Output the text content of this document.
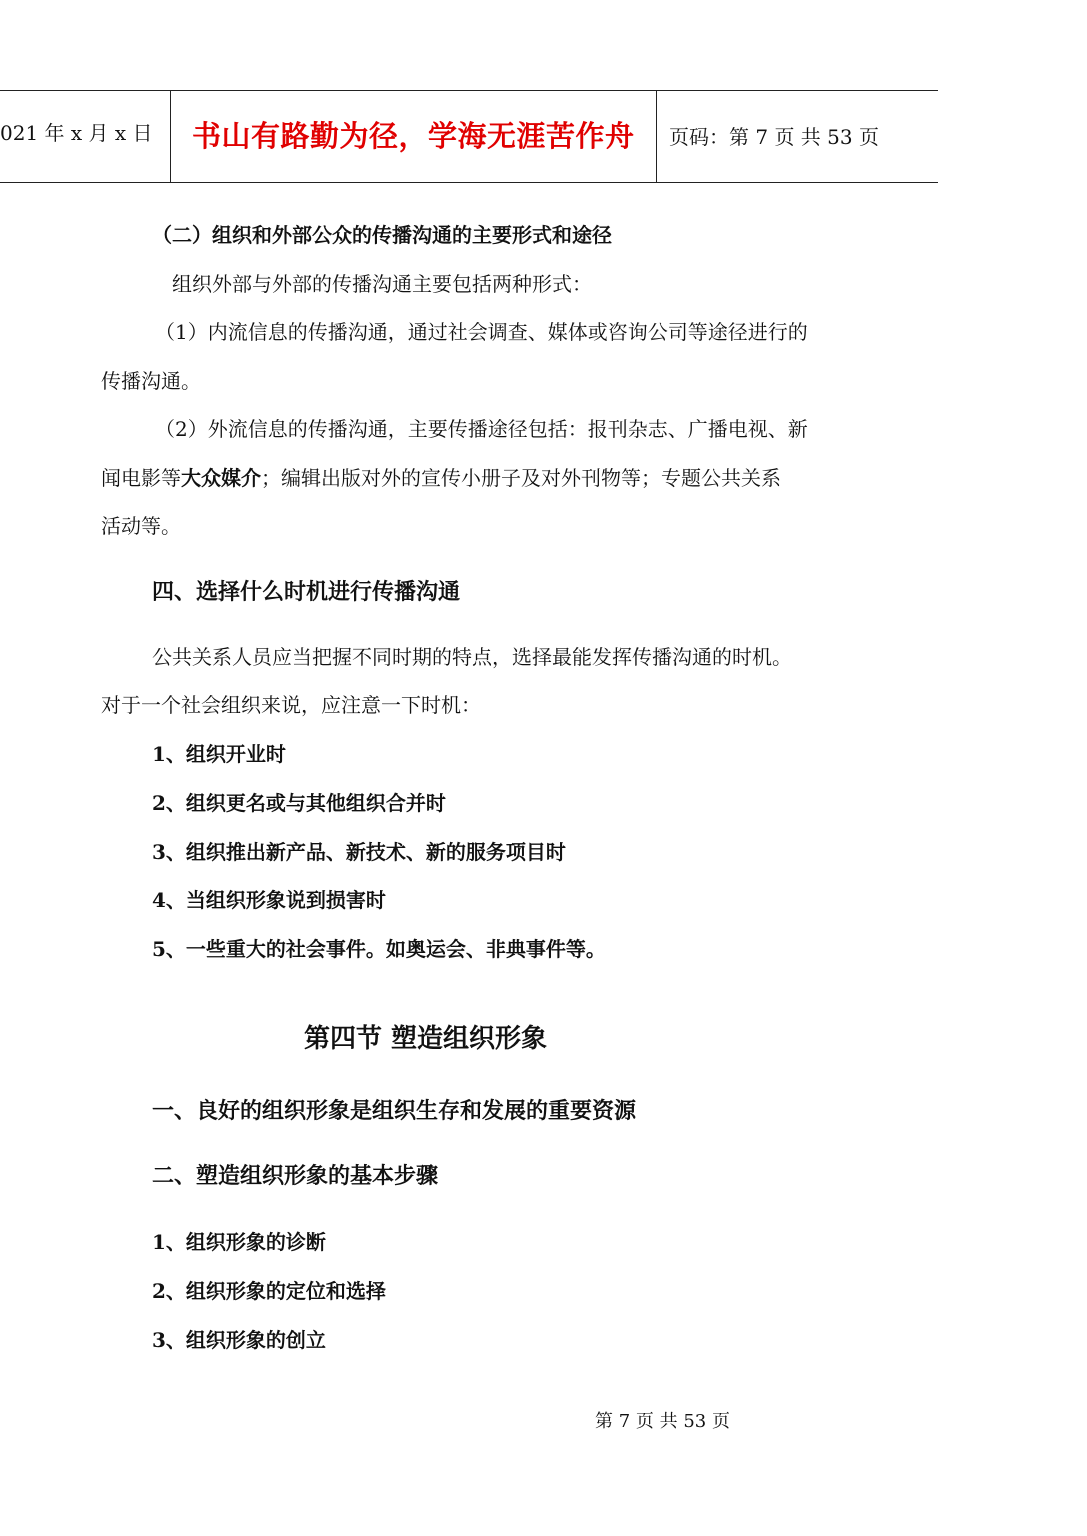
021 年 x 月 x 日 书山有路勤为径，学海无涯苦作舟 页码：第 7 页 共 53 页
（二）组织和外部公众的传播沟通的主要形式和途径
组织外部与外部的传播沟通主要包括两种形式：
（1）内流信息的传播沟通，通过社会调查、媒体或咨询公司等途径进行的
传播沟通。
（2）外流信息的传播沟通，主要传播途径包括：报刊杂志、广播电视、新
闻电影等大众媒介；编辑出版对外的宣传小册子及对外刊物等；专题公共关系
活动等。
四、选择什么时机进行传播沟通
公共关系人员应当把握不同时期的特点，选择最能发挥传播沟通的时机。
对于一个社会组织来说，应注意一下时机：
1、组织开业时
2、组织更名或与其他组织合并时
3、组织推出新产品、新技术、新的服务项目时
4、当组织形象说到损害时
5、一些重大的社会事件。如奥运会、非典事件等。
第四节 塑造组织形象
一、良好的组织形象是组织生存和发展的重要资源
二、塑造组织形象的基本步骤
1、组织形象的诊断
2、组织形象的定位和选择
3、组织形象的创立
第 7 页 共 53 页
